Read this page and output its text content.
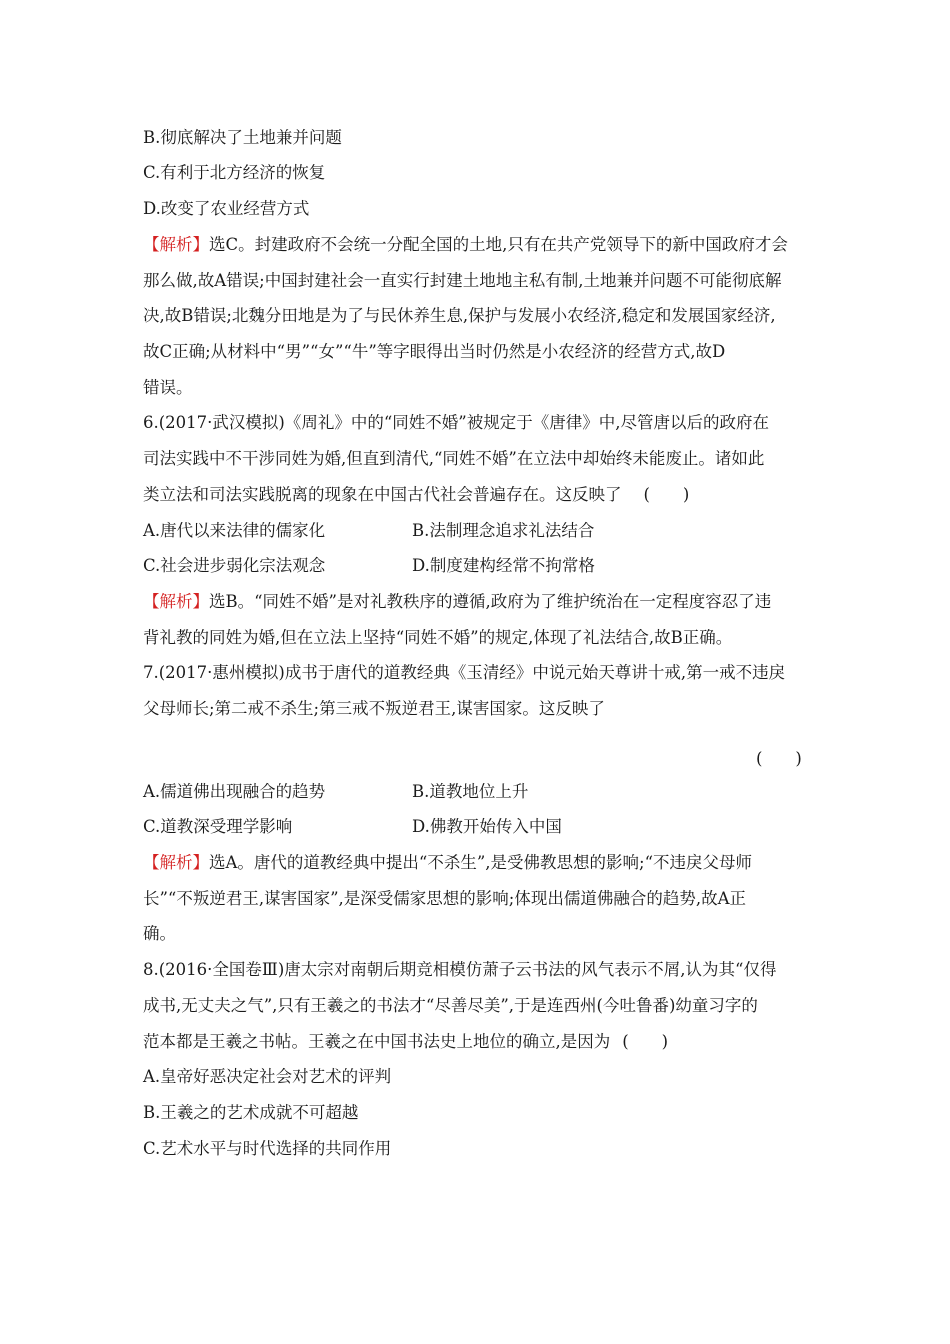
B.彻底解决了土地兼并问题
C.有利于北方经济的恢复
D.改变了农业经营方式
【解析】选C。封建政府不会统一分配全国的土地,只有在共产党领导下的新中国政府才会
那么做,故A错误;中国封建社会一直实行封建土地地主私有制,土地兼并问题不可能彻底解
决,故B错误;北魏分田地是为了与民休养生息,保护与发展小农经济,稳定和发展国家经济,
故C正确;从材料中“男”“女”“牛”等字眼得出当时仍然是小农经济的经营方式,故D
错误。
6.(2017·武汉模拟)《周礼》中的“同姓不婚”被规定于《唐律》中,尽管唐以后的政府在
司法实践中不干涉同姓为婚,但直到清代,“同姓不婚”在立法中却始终未能废止。诸如此
类立法和司法实践脱离的现象在中国古代社会普遍存在。这反映了 (　　)
A.唐代以来法律的儒家化	B.法制理念追求礼法结合
C.社会进步弱化宗法观念	D.制度建构经常不拘常格
【解析】选B。“同姓不婚”是对礼教秩序的遵循,政府为了维护统治在一定程度容忍了违
背礼教的同姓为婚,但在立法上坚持“同姓不婚”的规定,体现了礼法结合,故B正确。
7.(2017·惠州模拟)成书于唐代的道教经典《玉清经》中说元始天尊讲十戒,第一戒不违戾
父母师长;第二戒不杀生;第三戒不叛逆君王,谋害国家。这反映了
(　　)
A.儒道佛出现融合的趋势	B.道教地位上升
C.道教深受理学影响	D.佛教开始传入中国
【解析】选A。唐代的道教经典中提出“不杀生”,是受佛教思想的影响;“不违戾父母师
长”“不叛逆君王,谋害国家”,是深受儒家思想的影响;体现出儒道佛融合的趋势,故A正
确。
8.(2016·全国卷Ⅲ)唐太宗对南朝后期竞相模仿萧子云书法的风气表示不屑,认为其“仅得
成书,无丈夫之气”,只有王羲之的书法才“尽善尽美”,于是连西州(今吐鲁番)幼童习字的
范本都是王羲之书帖。王羲之在中国书法史上地位的确立,是因为 (　　)
A.皇帝好恶决定社会对艺术的评判
B.王羲之的艺术成就不可超越
C.艺术水平与时代选择的共同作用
